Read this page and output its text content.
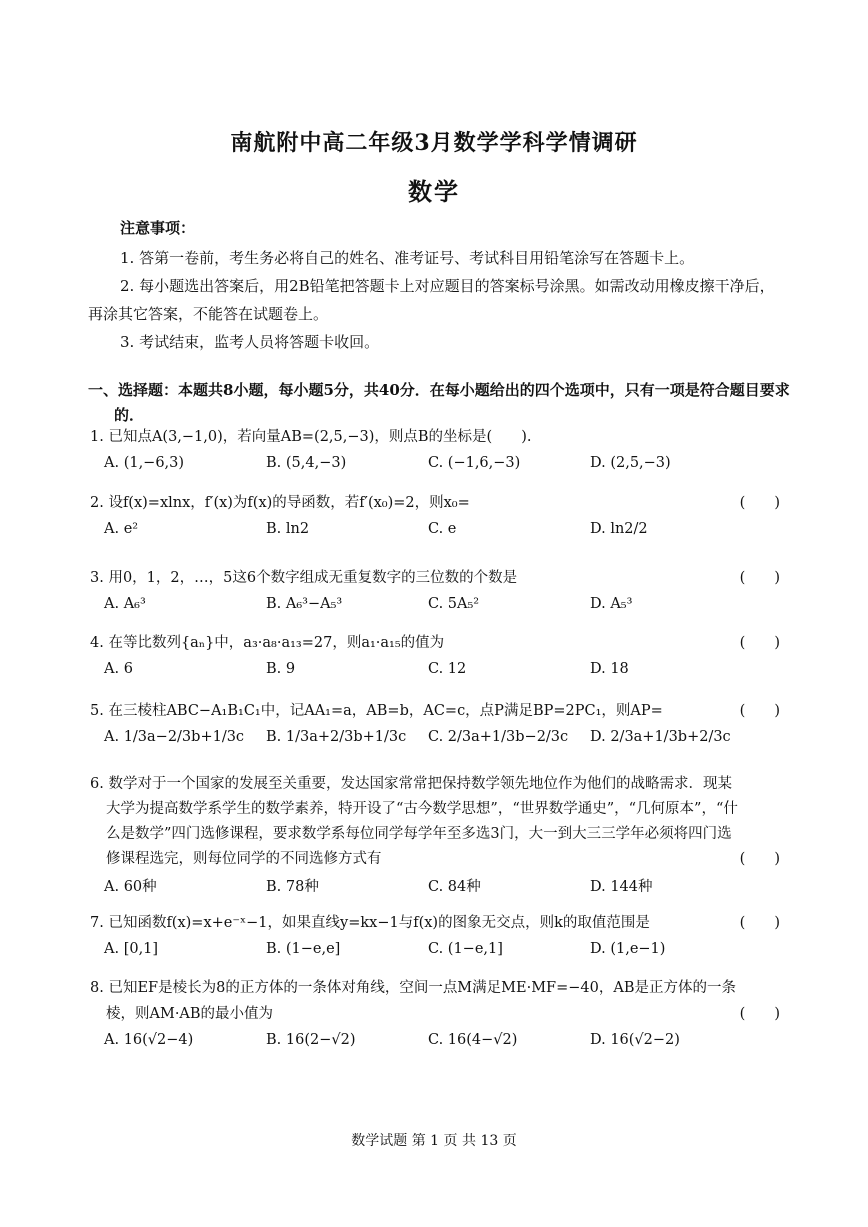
南航附中高二年级3月数学学科学情调研
数学
注意事项：
1. 答第一卷前，考生务必将自己的姓名、准考证号、考试科目用铅笔涂写在答题卡上。
2. 每小题选出答案后，用2B铅笔把答题卡上对应题目的答案标号涂黑。如需改动用橡皮擦干净后，再涂其它答案，不能答在试题卷上。
3. 考试结束，监考人员将答题卡收回。
一、选择题：本题共8小题，每小题5分，共40分．在每小题给出的四个选项中，只有一项是符合题目要求的．
1. 已知点A(3,−1,0)，若向量AB=(2,5,−3)，则点B的坐标是(　　).
A. (1,−6,3)	B. (5,4,−3)	C. (−1,6,−3)	D. (2,5,−3)
2. 设f(x)=xlnx，f′(x)为f(x)的导函数，若f′(x₀)=2，则x₀=	(　　)
A. e²	B. ln2	C. e	D. ln2/2
3. 用0，1，2，…，5这6个数字组成无重复数字的三位数的个数是	(　　)
A. A₆³	B. A₆³−A₅³	C. 5A₅²	D. A₅³
4. 在等比数列{aₙ}中，a₃·a₈·a₁₃=27，则a₁·a₁₅的值为	(　　)
A. 6	B. 9	C. 12	D. 18
5. 在三棱柱ABC−A₁B₁C₁中，记AA₁=a，AB=b，AC=c，点P满足BP=2PC₁，则AP=	(　　)
A. 1/3a−2/3b+1/3c B. 1/3a+2/3b+1/3c C. 2/3a+1/3b−2/3c D. 2/3a+1/3b+2/3c
6. 数学对于一个国家的发展至关重要，发达国家常常把保持数学领先地位作为他们的战略需求．现某大学为提高数学系学生的数学素养，特开设了“古今数学思想”，“世界数学通史”，“几何原本”，“什么是数学”四门选修课程，要求数学系每位同学每学年至多选3门，大一到大三三学年必须将四门选修课程选完，则每位同学的不同选修方式有	(　　)
A. 60种	B. 78种	C. 84种	D. 144种
7. 已知函数f(x)=x+e⁻ˣ−1，如果直线y=kx−1与f(x)的图象无交点，则k的取值范围是	(　　)
A. [0,1]	B. (1−e,e]	C. (1−e,1]	D. (1,e−1)
8. 已知EF是棱长为8的正方体的一条体对角线，空间一点M满足ME·MF=−40，AB是正方体的一条棱，则AM·AB的最小值为	(　　)
A. 16(√2−4)	B. 16(2−√2)	C. 16(4−√2)	D. 16(√2−2)
数学试题 第 1 页 共 13 页
